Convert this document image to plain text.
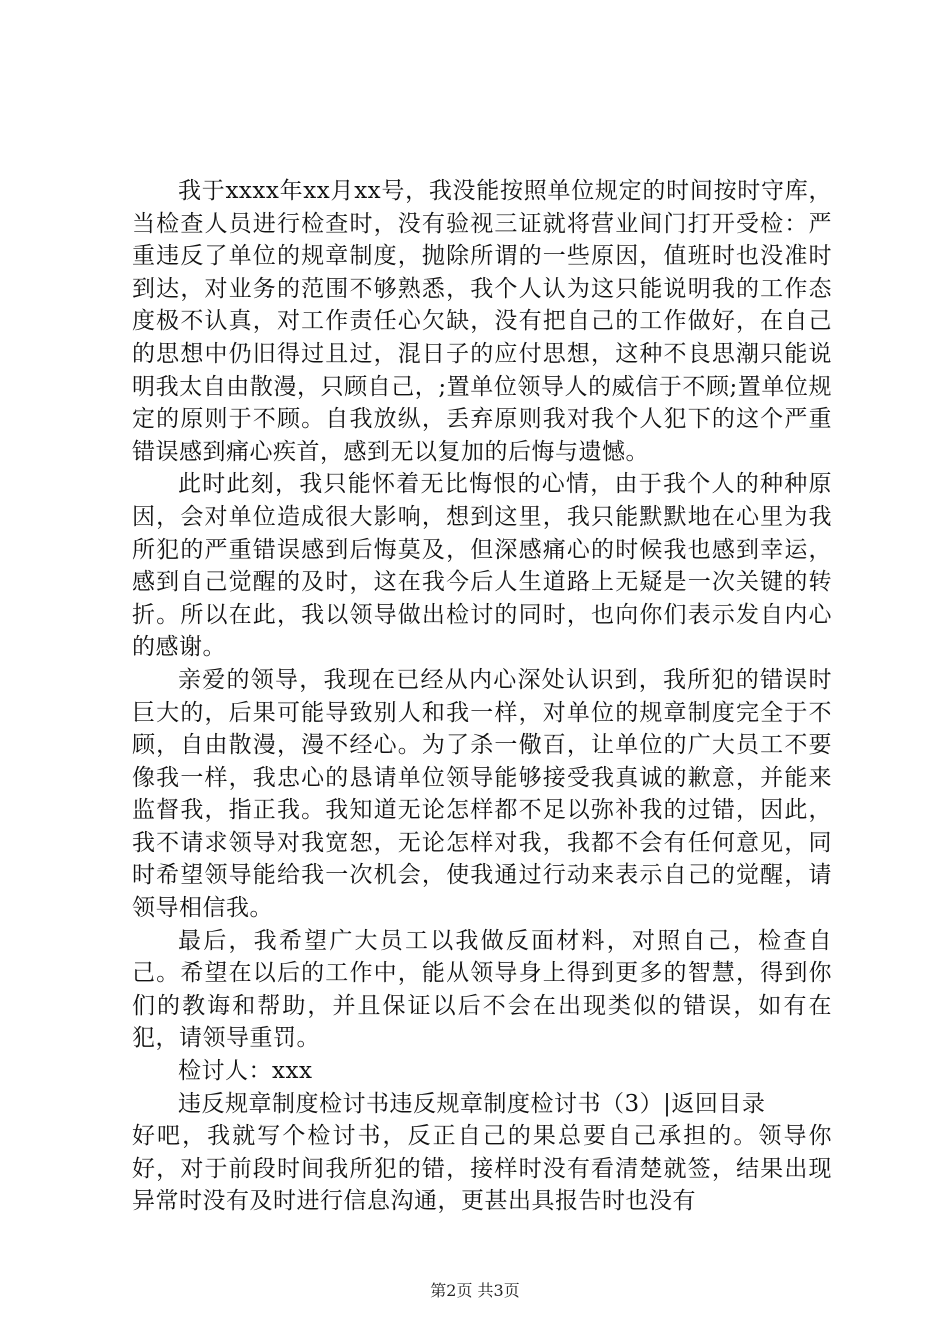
我于xxxx年xx月xx号，我没能按照单位规定的时间按时守库，当检查人员进行检查时，没有验视三证就将营业间门打开受检：严重违反了单位的规章制度，抛除所谓的一些原因，值班时也没准时到达，对业务的范围不够熟悉，我个人认为这只能说明我的工作态度极不认真，对工作责任心欠缺，没有把自己的工作做好，在自己的思想中仍旧得过且过，混日子的应付思想，这种不良思潮只能说明我太自由散漫，只顾自己，;置单位领导人的威信于不顾;置单位规定的原则于不顾。自我放纵，丢弃原则我对我个人犯下的这个严重错误感到痛心疾首，感到无以复加的后悔与遗憾。

此时此刻，我只能怀着无比悔恨的心情，由于我个人的种种原因，会对单位造成很大影响，想到这里，我只能默默地在心里为我所犯的严重错误感到后悔莫及，但深感痛心的时候我也感到幸运，感到自己觉醒的及时，这在我今后人生道路上无疑是一次关键的转折。所以在此，我以领导做出检讨的同时，也向你们表示发自内心的感谢。

亲爱的领导，我现在已经从内心深处认识到，我所犯的错误时巨大的，后果可能导致别人和我一样，对单位的规章制度完全于不顾，自由散漫，漫不经心。为了杀一儆百，让单位的广大员工不要像我一样，我忠心的恳请单位领导能够接受我真诚的歉意，并能来监督我，指正我。我知道无论怎样都不足以弥补我的过错，因此，我不请求领导对我宽恕，无论怎样对我，我都不会有任何意见，同时希望领导能给我一次机会，使我通过行动来表示自己的觉醒，请领导相信我。

最后，我希望广大员工以我做反面材料，对照自己，检查自己。希望在以后的工作中，能从领导身上得到更多的智慧，得到你们的教诲和帮助，并且保证以后不会在出现类似的错误，如有在犯，请领导重罚。

检讨人：xxx

违反规章制度检讨书违反规章制度检讨书（3）|返回目录

好吧，我就写个检讨书，反正自己的果总要自己承担的。领导你好，对于前段时间我所犯的错，接样时没有看清楚就签，结果出现异常时没有及时进行信息沟通，更甚出具报告时也没有

第2页 共3页
